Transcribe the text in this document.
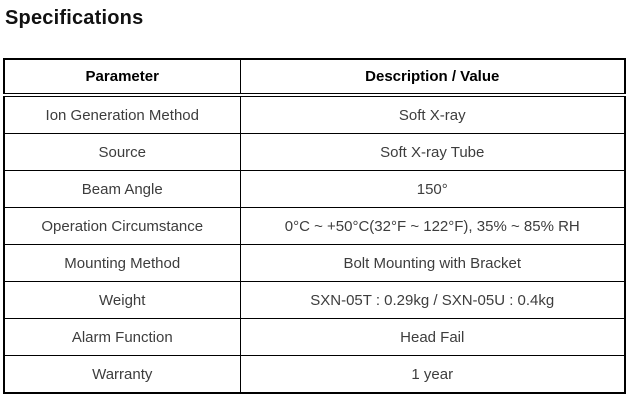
Specifications
Parameter	Description / Value
Ion Generation Method	Soft X-ray
Source	Soft X-ray Tube
Beam Angle	150°
Operation Circumstance	0°C ~ +50°C(32°F ~ 122°F), 35% ~ 85% RH
Mounting Method	Bolt Mounting with Bracket
Weight	SXN-05T : 0.29kg / SXN-05U : 0.4kg
Alarm Function	Head Fail
Warranty	1 year
